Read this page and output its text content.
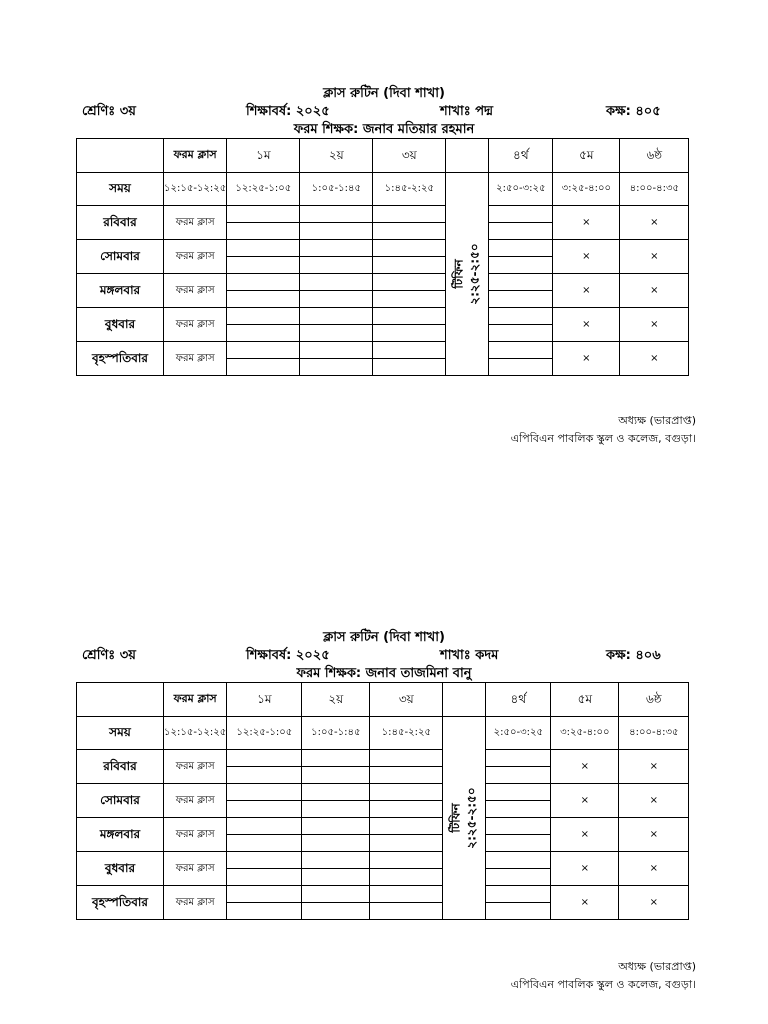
ক্লাস রুটিন (দিবা শাখা)
শ্রেণিঃ ৩য়	শিক্ষাবর্ষ: ২০২৫	শাখাঃ পদ্ম	কক্ষ: ৪০৫
ফরম শিক্ষক: জনাব মতিয়ার রহমান
	ফরম ক্লাস	১ম	২য়	৩য়		৪র্থ	৫ম	৬ষ্ঠ
সময়	১২:১৫-১২:২৫	১২:২৫-১:০৫	১:০৫-১:৪৫	১:৪৫-২:২৫	টিফিন ২:২৫-২:৫০	২:৫০-৩:২৫	৩:২৫-৪:০০	৪:০০-৪:৩৫
রবিবার	ফরম ক্লাস						×	×

সোমবার	ফরম ক্লাস						×	×

মঙ্গলবার	ফরম ক্লাস						×	×

বুধবার	ফরম ক্লাস						×	×

বৃহস্পতিবার	ফরম ক্লাস						×	×

অধ্যক্ষ (ভারপ্রাপ্ত)
এপিবিএন পাবলিক স্কুল ও কলেজ, বগুড়া।
ক্লাস রুটিন (দিবা শাখা)
শ্রেণিঃ ৩য়	শিক্ষাবর্ষ: ২০২৫	শাখাঃ কদম	কক্ষ: ৪০৬
ফরম শিক্ষক: জনাব তাজমিনা বানু
	ফরম ক্লাস	১ম	২য়	৩য়		৪র্থ	৫ম	৬ষ্ঠ
সময়	১২:১৫-১২:২৫	১২:২৫-১:০৫	১:০৫-১:৪৫	১:৪৫-২:২৫	টিফিন ২:২৫-২:৫০	২:৫০-৩:২৫	৩:২৫-৪:০০	৪:০০-৪:৩৫
রবিবার	ফরম ক্লাস						×	×

সোমবার	ফরম ক্লাস						×	×

মঙ্গলবার	ফরম ক্লাস						×	×

বুধবার	ফরম ক্লাস						×	×

বৃহস্পতিবার	ফরম ক্লাস						×	×

অধ্যক্ষ (ভারপ্রাপ্ত)
এপিবিএন পাবলিক স্কুল ও কলেজ, বগুড়া।
